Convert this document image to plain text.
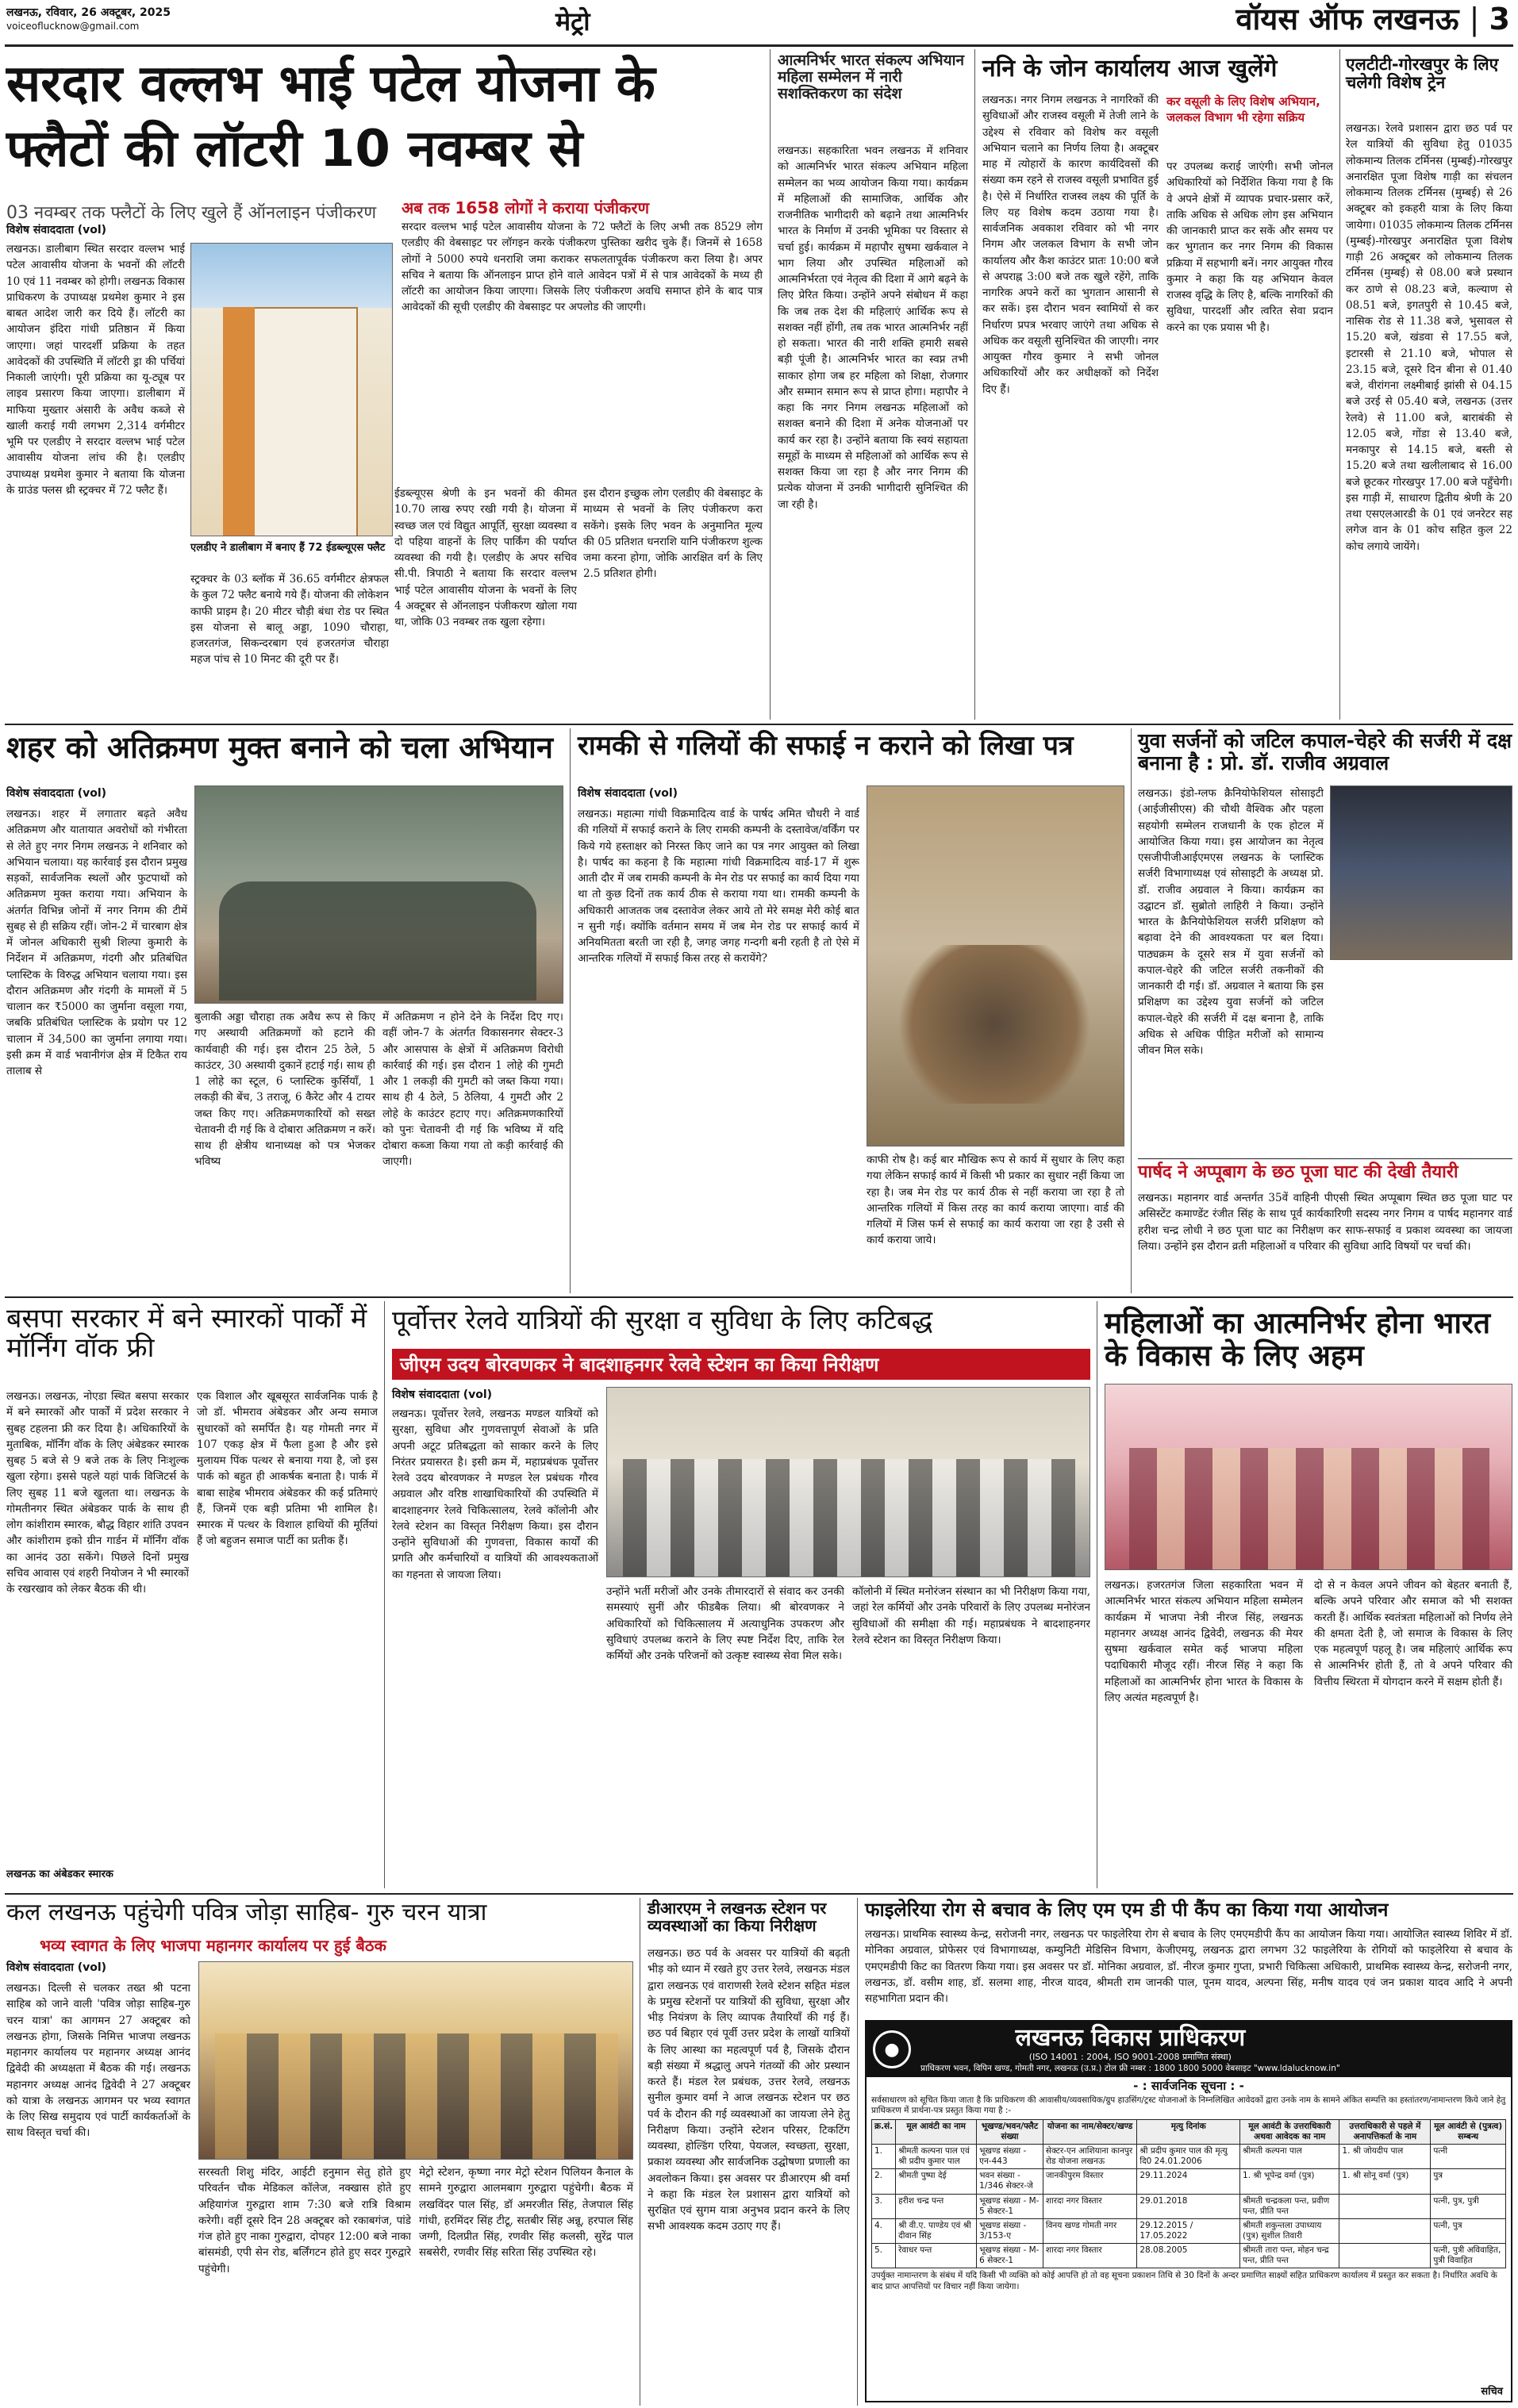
लखनऊ, रविवार, 26 अक्टूबर, 2025
voiceoflucknow@gmail.com	मेट्रो	वॉयस ऑफ लखनऊ | 3
सरदार वल्लभ भाई पटेल योजना के फ्लैटों की लॉटरी 10 नवम्बर से
03 नवम्बर तक फ्लैटों के लिए खुले हैं ऑनलाइन पंजीकरण
विशेष संवाददाता (vol)
अब तक 1658 लोगों ने कराया पंजीकरण
लखनऊ। डालीबाग स्थित सरदार वल्लभ भाई पटेल आवासीय योजना के भवनों की लॉटरी 10 एवं 11 नवम्बर को होगी। लखनऊ विकास प्राधिकरण के उपाध्यक्ष प्रथमेश कुमार ने इस बाबत आदेश जारी कर दिये हैं। लॉटरी का आयोजन इंदिरा गांधी प्रतिष्ठान में किया जाएगा। जहां पारदर्शी प्रक्रिया के तहत आवेदकों की उपस्थिति में लॉटरी ड्रा की पर्चियां निकाली जाएंगी। पूरी प्रक्रिया का यू-ट्यूब पर लाइव प्रसारण किया जाएगा। डालीबाग में माफिया मुख्तार अंसारी के अवैध कब्जे से खाली कराई गयी लगभग 2,314 वर्गमीटर भूमि पर एलडीए ने सरदार वल्लभ भाई पटेल आवासीय योजना लांच की है। एलडीए उपाध्यक्ष प्रथमेश कुमार ने बताया कि योजना के ग्राउंड फ्लस थ्री स्ट्रक्चर में 72 फ्लैट हैं।
एलडीए ने डालीबाग में बनाए हैं 72 ईडब्ल्यूएस फ्लैट
सरदार वल्लभ भाई पटेल आवासीय योजना के 72 फ्लैटों के लिए अभी तक 8529 लोग एलडीए की वेबसाइट पर लॉगइन करके पंजीकरण पुस्तिका खरीद चुके हैं। जिनमें से 1658 लोगों ने 5000 रुपये धनराशि जमा कराकर सफलतापूर्वक पंजीकरण करा लिया है। अपर सचिव ने बताया कि ऑनलाइन प्राप्त होने वाले आवेदन पत्रों में से पात्र आवेदकों के मध्य ही लॉटरी का आयोजन किया जाएगा। जिसके लिए पंजीकरण अवधि समाप्त होने के बाद पात्र आवेदकों की सूची एलडीए की वेबसाइट पर अपलोड की जाएगी।
स्ट्रक्चर के 03 ब्लॉक में 36.65 वर्गमीटर क्षेत्रफल के कुल 72 फ्लैट बनाये गये हैं। योजना की लोकेशन काफी प्राइम है। 20 मीटर चौड़ी बंधा रोड पर स्थित इस योजना से बालू अड्डा, 1090 चौराहा, हजरतगंज, सिकन्दरबाग एवं हजरतगंज चौराहा महज पांच से 10 मिनट की दूरी पर हैं।
ईडब्ल्यूएस श्रेणी के इन भवनों की कीमत 10.70 लाख रुपए रखी गयी है। योजना में स्वच्छ जल एवं विद्युत आपूर्ति, सुरक्षा व्यवस्था व दो पहिया वाहनों के लिए पार्किंग की पर्याप्त व्यवस्था की गयी है। एलडीए के अपर सचिव सी.पी. त्रिपाठी ने बताया कि सरदार वल्लभ भाई पटेल आवासीय योजना के भवनों के लिए 4 अक्टूबर से ऑनलाइन पंजीकरण खोला गया था, जोकि 03 नवम्बर तक खुला रहेगा।
इस दौरान इच्छुक लोग एलडीए की वेबसाइट के माध्यम से भवनों के लिए पंजीकरण करा सकेंगे। इसके लिए भवन के अनुमानित मूल्य की 05 प्रतिशत धनराशि यानि पंजीकरण शुल्क जमा करना होगा, जोकि आरक्षित वर्ग के लिए 2.5 प्रतिशत होगी।
आत्मनिर्भर भारत संकल्प अभियान महिला सम्मेलन में नारी सशक्तिकरण का संदेश
लखनऊ। सहकारिता भवन लखनऊ में शनिवार को आत्मनिर्भर भारत संकल्प अभियान महिला सम्मेलन का भव्य आयोजन किया गया। कार्यक्रम में महिलाओं की सामाजिक, आर्थिक और राजनीतिक भागीदारी को बढ़ाने तथा आत्मनिर्भर भारत के निर्माण में उनकी भूमिका पर विस्तार से चर्चा हुई। कार्यक्रम में महापौर सुषमा खर्कवाल ने भाग लिया और उपस्थित महिलाओं को आत्मनिर्भरता एवं नेतृत्व की दिशा में आगे बढ़ने के लिए प्रेरित किया। उन्होंने अपने संबोधन में कहा कि जब तक देश की महिलाएं आर्थिक रूप से सशक्त नहीं होंगी, तब तक भारत आत्मनिर्भर नहीं हो सकता। भारत की नारी शक्ति हमारी सबसे बड़ी पूंजी है। आत्मनिर्भर भारत का स्वप्न तभी साकार होगा जब हर महिला को शिक्षा, रोजगार और सम्मान समान रूप से प्राप्त होगा। महापौर ने कहा कि नगर निगम लखनऊ महिलाओं को सशक्त बनाने की दिशा में अनेक योजनाओं पर कार्य कर रहा है। उन्होंने बताया कि स्वयं सहायता समूहों के माध्यम से महिलाओं को आर्थिक रूप से सशक्त किया जा रहा है और नगर निगम की प्रत्येक योजना में उनकी भागीदारी सुनिश्चित की जा रही है।
ननि के जोन कार्यालय आज खुलेंगे
लखनऊ। नगर निगम लखनऊ ने नागरिकों की सुविधाओं और राजस्व वसूली में तेजी लाने के उद्देश्य से रविवार को विशेष कर वसूली अभियान चलाने का निर्णय लिया है। अक्टूबर माह में त्योहारों के कारण कार्यदिवसों की संख्या कम रहने से राजस्व वसूली प्रभावित हुई है। ऐसे में निर्धारित राजस्व लक्ष्य की पूर्ति के लिए यह विशेष कदम उठाया गया है। सार्वजनिक अवकाश रविवार को भी नगर निगम और जलकल विभाग के सभी जोन कार्यालय और कैश काउंटर प्रातः 10:00 बजे से अपराह्न 3:00 बजे तक खुले रहेंगे, ताकि नागरिक अपने करों का भुगतान आसानी से कर सकें। इस दौरान भवन स्वामियों से कर निर्धारण प्रपत्र भरवाए जाएंगे तथा अधिक से अधिक कर वसूली सुनिश्चित की जाएगी। नगर आयुक्त गौरव कुमार ने सभी जोनल अधिकारियों और कर अधीक्षकों को निर्देश दिए हैं।
कर वसूली के लिए विशेष अभियान, जलकल विभाग भी रहेगा सक्रिय
पर उपलब्ध कराई जाएंगी। सभी जोनल अधिकारियों को निर्देशित किया गया है कि वे अपने क्षेत्रों में व्यापक प्रचार-प्रसार करें, ताकि अधिक से अधिक लोग इस अभियान की जानकारी प्राप्त कर सकें और समय पर कर भुगतान कर नगर निगम की विकास प्रक्रिया में सहभागी बनें। नगर आयुक्त गौरव कुमार ने कहा कि यह अभियान केवल राजस्व वृद्धि के लिए है, बल्कि नागरिकों की सुविधा, पारदर्शी और त्वरित सेवा प्रदान करने का एक प्रयास भी है।
एलटीटी-गोरखपुर के लिए चलेगी विशेष ट्रेन
लखनऊ। रेलवे प्रशासन द्वारा छठ पर्व पर रेल यात्रियों की सुविधा हेतु 01035 लोकमान्य तिलक टर्मिनस (मुम्बई)-गोरखपुर अनारक्षित पूजा विशेष गाड़ी का संचलन लोकमान्य तिलक टर्मिनस (मुम्बई) से 26 अक्टूबर को इकहरी यात्रा के लिए किया जायेगा। 01035 लोकमान्य तिलक टर्मिनस (मुम्बई)-गोरखपुर अनारक्षित पूजा विशेष गाड़ी 26 अक्टूबर को लोकमान्य तिलक टर्मिनस (मुम्बई) से 08.00 बजे प्रस्थान कर ठाणे से 08.23 बजे, कल्याण से 08.51 बजे, इगतपुरी से 10.45 बजे, नासिक रोड से 11.38 बजे, भुसावल से 15.20 बजे, खंडवा से 17.55 बजे, इटारसी से 21.10 बजे, भोपाल से 23.15 बजे, दूसरे दिन बीना से 01.40 बजे, वीरांगना लक्ष्मीबाई झांसी से 04.15 बजे उरई से 05.40 बजे, लखनऊ (उत्तर रेलवे) से 11.00 बजे, बाराबंकी से 12.05 बजे, गोंडा से 13.40 बजे, मनकापुर से 14.15 बजे, बस्ती से 15.20 बजे तथा खलीलाबाद से 16.00 बजे छूटकर गोरखपुर 17.00 बजे पहुँचेगी। इस गाड़ी में, साधारण द्वितीय श्रेणी के 20 तथा एसएलआरडी के 01 एवं जनरेटर सह लगेज वान के 01 कोच सहित कुल 22 कोच लगाये जायेंगे।
शहर को अतिक्रमण मुक्त बनाने को चला अभियान
विशेष संवाददाता (vol)
लखनऊ। शहर में लगातार बढ़ते अवैध अतिक्रमण और यातायात अवरोधों को गंभीरता से लेते हुए नगर निगम लखनऊ ने शनिवार को अभियान चलाया। यह कार्रवाई इस दौरान प्रमुख सड़कों, सार्वजनिक स्थलों और फुटपाथों को अतिक्रमण मुक्त कराया गया। अभियान के अंतर्गत विभिन्न जोनों में नगर निगम की टीमें सुबह से ही सक्रिय रहीं। जोन-2 में चारबाग क्षेत्र में जोनल अधिकारी सुश्री शिल्पा कुमारी के निर्देशन में अतिक्रमण, गंदगी और प्रतिबंधित प्लास्टिक के विरुद्ध अभियान चलाया गया। इस दौरान अतिक्रमण और गंदगी के मामलों में 5 चालान कर ₹5000 का जुर्माना वसूला गया, जबकि प्रतिबंधित प्लास्टिक के प्रयोग पर 12 चालान में 34,500 का जुर्माना लगाया गया। इसी क्रम में वार्ड भवानीगंज क्षेत्र में टिकैत राय तालाब से
बुलाकी अड्डा चौराहा तक अवैध रूप से किए गए अस्थायी अतिक्रमणों को हटाने की कार्यवाही की गई। इस दौरान 25 ठेले, 5 काउंटर, 30 अस्थायी दुकानें हटाई गई। साथ ही 1 लोहे का स्टूल, 6 प्लास्टिक कुर्सियाँ, 1 लकड़ी की बेंच, 3 तराजू, 6 कैरेट और 4 टायर जब्त किए गए। अतिक्रमणकारियों को सख्त चेतावनी दी गई कि वे दोबारा अतिक्रमण न करें। साथ ही क्षेत्रीय थानाध्यक्ष को पत्र भेजकर भविष्य
में अतिक्रमण न होने देने के निर्देश दिए गए। वहीं जोन-7 के अंतर्गत विकासनगर सेक्टर-3 और आसपास के क्षेत्रों में अतिक्रमण विरोधी कार्रवाई की गई। इस दौरान 1 लोहे की गुमटी और 1 लकड़ी की गुमटी को जब्त किया गया। साथ ही 4 ठेले, 5 ठेलिया, 4 गुमटी और 2 लोहे के काउंटर हटाए गए। अतिक्रमणकारियों को पुनः चेतावनी दी गई कि भविष्य में यदि दोबारा कब्जा किया गया तो कड़ी कार्रवाई की जाएगी।
रामकी से गलियों की सफाई न कराने को लिखा पत्र
विशेष संवाददाता (vol)
लखनऊ। महात्मा गांधी विक्रमादित्य वार्ड के पार्षद अमित चौधरी ने वार्ड की गलियों में सफाई कराने के लिए रामकी कम्पनी के दस्तावेज/वर्किंग पर किये गये हस्ताक्षर को निरस्त किए जाने का पत्र नगर आयुक्त को लिखा है। पार्षद का कहना है कि महात्मा गांधी विक्रमादित्य वार्ड-17 में शुरू आती दौर में जब रामकी कम्पनी के मेन रोड पर सफाई का कार्य दिया गया था तो कुछ दिनों तक कार्य ठीक से कराया गया था। रामकी कम्पनी के अधिकारी आजतक जब दस्तावेज लेकर आये तो मेरे समक्ष मेरी कोई बात न सुनी गई। क्योंकि वर्तमान समय में जब मेन रोड पर सफाई कार्य में अनियमितता बरती जा रही है, जगह जगह गन्दगी बनी रहती है तो ऐसे में आन्तरिक गलियों में सफाई किस तरह से करायेंगे?
काफी रोष है। कई बार मौखिक रूप से कार्य में सुधार के लिए कहा गया लेकिन सफाई कार्य में किसी भी प्रकार का सुधार नहीं किया जा रहा है। जब मेन रोड पर कार्य ठीक से नहीं कराया जा रहा है तो आन्तरिक गलियों में किस तरह का कार्य कराया जाएगा। वार्ड की गलियों में जिस फर्म से सफाई का कार्य कराया जा रहा है उसी से कार्य कराया जाये।
युवा सर्जनों को जटिल कपाल-चेहरे की सर्जरी में दक्ष बनाना है : प्रो. डॉ. राजीव अग्रवाल
लखनऊ। इंडो-ग्लफ क्रैनियोफेशियल सोसाइटी (आईजीसीएस) की चौथी वैश्विक और पहला सहयोगी सम्मेलन राजधानी के एक होटल में आयोजित किया गया। इस आयोजन का नेतृत्व एसजीपीजीआईएमएस लखनऊ के प्लास्टिक सर्जरी विभागाध्यक्ष एवं सोसाइटी के अध्यक्ष प्रो. डॉ. राजीव अग्रवाल ने किया। कार्यक्रम का उद्घाटन डॉ. सुब्रोतो लाहिरी ने किया। उन्होंने भारत के क्रैनियोफेशियल सर्जरी प्रशिक्षण को बढ़ावा देने की आवश्यकता पर बल दिया। पाठ्यक्रम के दूसरे सत्र में युवा सर्जनों को कपाल-चेहरे की जटिल सर्जरी तकनीकों की जानकारी दी गई। डॉ. अग्रवाल ने बताया कि इस प्रशिक्षण का उद्देश्य युवा सर्जनों को जटिल कपाल-चेहरे की सर्जरी में दक्ष बनाना है, ताकि अधिक से अधिक पीड़ित मरीजों को सामान्य जीवन मिल सके।
पार्षद ने अप्पूबाग के छठ पूजा घाट की देखी तैयारी
लखनऊ। महानगर वार्ड अन्तर्गत 35वें वाहिनी पीएसी स्थित अप्पूबाग स्थित छठ पूजा घाट पर असिस्टेंट कमाण्डेंट रंजीत सिंह के साथ पूर्व कार्यकारिणी सदस्य नगर निगम व पार्षद महानगर वार्ड हरीश चन्द्र लोधी ने छठ पूजा घाट का निरीक्षण कर साफ-सफाई व प्रकाश व्यवस्था का जायजा लिया। उन्होंने इस दौरान व्रती महिलाओं व परिवार की सुविधा आदि विषयों पर चर्चा की।
बसपा सरकार में बने स्मारकों पार्कों में मॉर्निंग वॉक फ्री
लखनऊ। लखनऊ, नोएडा स्थित बसपा सरकार में बने स्मारकों और पार्कों में प्रदेश सरकार ने सुबह टहलना फ्री कर दिया है। अधिकारियों के मुताबिक, मॉर्निंग वॉक के लिए अंबेडकर स्मारक सुबह 5 बजे से 9 बजे तक के लिए निःशुल्क खुला रहेगा। इससे पहले यहां पार्क विजिटर्स के लिए सुबह 11 बजे खुलता था। लखनऊ के गोमतीनगर स्थित अंबेडकर पार्क के साथ ही लोग कांशीराम स्मारक, बौद्ध विहार शांति उपवन और कांशीराम इको ग्रीन गार्डन में मॉर्निंग वॉक का आनंद उठा सकेंगे। पिछले दिनों प्रमुख सचिव आवास एवं शहरी नियोजन ने भी स्मारकों के रखरखाव को लेकर बैठक की थी।
एक विशाल और खूबसूरत सार्वजनिक पार्क है जो डॉ. भीमराव अंबेडकर और अन्य समाज सुधारकों को समर्पित है। यह गोमती नगर में 107 एकड़ क्षेत्र में फैला हुआ है और इसे मुलायम पिंक पत्थर से बनाया गया है, जो इस पार्क को बहुत ही आकर्षक बनाता है। पार्क में बाबा साहेब भीमराव अंबेडकर की कई प्रतिमाएं हैं, जिनमें एक बड़ी प्रतिमा भी शामिल है। स्मारक में पत्थर के विशाल हाथियों की मूर्तियां हैं जो बहुजन समाज पार्टी का प्रतीक हैं।
लखनऊ का अंबेडकर स्मारक
पूर्वोत्तर रेलवे यात्रियों की सुरक्षा व सुविधा के लिए कटिबद्ध
जीएम उदय बोरवणकर ने बादशाहनगर रेलवे स्टेशन का किया निरीक्षण
विशेष संवाददाता (vol)
लखनऊ। पूर्वोत्तर रेलवे, लखनऊ मण्डल यात्रियों को सुरक्षा, सुविधा और गुणवत्तापूर्ण सेवाओं के प्रति अपनी अटूट प्रतिबद्धता को साकार करने के लिए निरंतर प्रयासरत है। इसी क्रम में, महाप्रबंधक पूर्वोत्तर रेलवे उदय बोरवणकर ने मण्डल रेल प्रबंधक गौरव अग्रवाल और वरिष्ठ शाखाधिकारियों की उपस्थिति में बादशाहनगर रेलवे चिकित्सालय, रेलवे कॉलोनी और रेलवे स्टेशन का विस्तृत निरीक्षण किया। इस दौरान उन्होंने सुविधाओं की गुणवत्ता, विकास कार्यों की प्रगति और कर्मचारियों व यात्रियों की आवश्यकताओं का गहनता से जायजा लिया।
उन्होंने भर्ती मरीजों और उनके तीमारदारों से संवाद कर उनकी समस्याएं सुनीं और फीडबैक लिया। श्री बोरवणकर ने अधिकारियों को चिकित्सालय में अत्याधुनिक उपकरण और सुविधाएं उपलब्ध कराने के लिए स्पष्ट निर्देश दिए, ताकि रेल कर्मियों और उनके परिजनों को उत्कृष्ट स्वास्थ्य सेवा मिल सके।
कॉलोनी में स्थित मनोरंजन संस्थान का भी निरीक्षण किया गया, जहां रेल कर्मियों और उनके परिवारों के लिए उपलब्ध मनोरंजन सुविधाओं की समीक्षा की गई। महाप्रबंधक ने बादशाहनगर रेलवे स्टेशन का विस्तृत निरीक्षण किया।
महिलाओं का आत्मनिर्भर होना भारत के विकास के लिए अहम
लखनऊ। हजरतगंज जिला सहकारिता भवन में आत्मनिर्भर भारत संकल्प अभियान महिला सम्मेलन कार्यक्रम में भाजपा नेत्री नीरज सिंह, लखनऊ महानगर अध्यक्ष आनंद द्विवेदी, लखनऊ की मेयर सुषमा खर्कवाल समेत कई भाजपा महिला पदाधिकारी मौजूद रहीं। नीरज सिंह ने कहा कि महिलाओं का आत्मनिर्भर होना भारत के विकास के लिए अत्यंत महत्वपूर्ण है।
दो से न केवल अपने जीवन को बेहतर बनाती हैं, बल्कि अपने परिवार और समाज को भी सशक्त करती हैं। आर्थिक स्वतंत्रता महिलाओं को निर्णय लेने की क्षमता देती है, जो समाज के विकास के लिए एक महत्वपूर्ण पहलू है। जब महिलाएं आर्थिक रूप से आत्मनिर्भर होती हैं, तो वे अपने परिवार की वित्तीय स्थिरता में योगदान करने में सक्षम होती हैं।
कल लखनऊ पहुंचेगी पवित्र जोड़ा साहिब- गुरु चरन यात्रा
भव्य स्वागत के लिए भाजपा महानगर कार्यालय पर हुई बैठक
विशेष संवाददाता (vol)
लखनऊ। दिल्ली से चलकर तख्त श्री पटना साहिब को जाने वाली 'पवित्र जोड़ा साहिब-गुरु चरन यात्रा' का आगमन 27 अक्टूबर को लखनऊ होगा, जिसके निमित्त भाजपा लखनऊ महानगर कार्यालय पर महानगर अध्यक्ष आनंद द्विवेदी की अध्यक्षता में बैठक की गई। लखनऊ महानगर अध्यक्ष आनंद द्विवेदी ने 27 अक्टूबर को यात्रा के लखनऊ आगमन पर भव्य स्वागत के लिए सिख समुदाय एवं पार्टी कार्यकर्ताओं के साथ विस्तृत चर्चा की।
सरस्वती शिशु मंदिर, आईटी हनुमान सेतु होते हुए परिवर्तन चौक मेडिकल कॉलेज, नक्खास होते हुए अहियागंज गुरुद्वारा शाम 7:30 बजे रात्रि विश्राम करेगी। वहीं दूसरे दिन 28 अक्टूबर को रकाबगंज, पांडे गंज होते हुए नाका गुरुद्वारा, दोपहर 12:00 बजे नाका बांसमंडी, एपी सेन रोड, बर्लिंगटन होते हुए सदर गुरुद्वारे पहुंचेगी।
मेट्रो स्टेशन, कृष्णा नगर मेट्रो स्टेशन पिलियन कैनाल के सामने गुरुद्वारा आलमबाग गुरुद्वारा पहुंचेगी। बैठक में लखविंदर पाल सिंह, डॉ अमरजीत सिंह, तेजपाल सिंह गांधी, हरमिंदर सिंह टीटू, सतबीर सिंह अन्नू, हरपाल सिंह जग्गी, दिलप्रीत सिंह, रणवीर सिंह कलसी, सुरेंद्र पाल सबसेरी, रणवीर सिंह सरिता सिंह उपस्थित रहे।
डीआरएम ने लखनऊ स्टेशन पर व्यवस्थाओं का किया निरीक्षण
लखनऊ। छठ पर्व के अवसर पर यात्रियों की बढ़ती भीड़ को ध्यान में रखते हुए उत्तर रेलवे, लखनऊ मंडल द्वारा लखनऊ एवं वाराणसी रेलवे स्टेशन सहित मंडल के प्रमुख स्टेशनों पर यात्रियों की सुविधा, सुरक्षा और भीड़ नियंत्रण के लिए व्यापक तैयारियाँ की गई हैं। छठ पर्व बिहार एवं पूर्वी उत्तर प्रदेश के लाखों यात्रियों के लिए आस्था का महत्वपूर्ण पर्व है, जिसके दौरान बड़ी संख्या में श्रद्धालु अपने गंतव्यों की ओर प्रस्थान करते हैं। मंडल रेल प्रबंधक, उत्तर रेलवे, लखनऊ सुनील कुमार वर्मा ने आज लखनऊ स्टेशन पर छठ पर्व के दौरान की गई व्यवस्थाओं का जायजा लेने हेतु निरीक्षण किया। उन्होंने स्टेशन परिसर, टिकटिंग व्यवस्था, होल्डिंग एरिया, पेयजल, स्वच्छता, सुरक्षा, प्रकाश व्यवस्था और सार्वजनिक उद्घोषणा प्रणाली का अवलोकन किया। इस अवसर पर डीआरएम श्री वर्मा ने कहा कि मंडल रेल प्रशासन द्वारा यात्रियों को सुरक्षित एवं सुगम यात्रा अनुभव प्रदान करने के लिए सभी आवश्यक कदम उठाए गए हैं।
फाइलेरिया रोग से बचाव के लिए एम एम डी पी कैंप का किया गया आयोजन
लखनऊ। प्राथमिक स्वास्थ्य केन्द्र, सरोजनी नगर, लखनऊ पर फाइलेरिया रोग से बचाव के लिए एमएमडीपी कैंप का आयोजन किया गया। आयोजित स्वास्थ्य शिविर में डॉ. मोनिका अग्रवाल, प्रोफेसर एवं विभागाध्यक्ष, कम्युनिटी मेडिसिन विभाग, केजीएमयू, लखनऊ द्वारा लगभग 32 फाइलेरिया के रोगियों को फाइलेरिया से बचाव के एमएमडीपी किट का वितरण किया गया। इस अवसर पर डॉ. मोनिका अग्रवाल, डॉ. नीरज कुमार गुप्ता, प्रभारी चिकित्सा अधिकारी, प्राथमिक स्वास्थ्य केन्द्र, सरोजनी नगर, लखनऊ, डॉ. वसीम शाह, डॉ. सलमा शाह, नीरज यादव, श्रीमती राम जानकी पाल, पूनम यादव, अल्पना सिंह, मनीष यादव एवं जन प्रकाश यादव आदि ने अपनी सहभागिता प्रदान की।
●	लखनऊ विकास प्राधिकरण
(ISO 14001 : 2004, ISO 9001-2008 प्रमाणित संस्था)
प्राधिकरण भवन, विपिन खण्ड, गोमती नगर, लखनऊ (उ.प्र.) टोल फ्री नम्बर : 1800 1800 5000 वेबसाइट "www.ldalucknow.in"
- : सार्वजनिक सूचना : -
सर्वसाधारण को सूचित किया जाता है कि प्राधिकरण की आवासीय/व्यवसायिक/ग्रुप हाउसिंग/ट्रस्ट योजनाओं के निम्नलिखित आवेदकों द्वारा उनके नाम के सामने अंकित सम्पत्ति का हस्तांतरण/नामान्तरण किये जाने हेतु प्राधिकरण में प्रार्थना-पत्र प्रस्तुत किया गया है :-
क्र.सं.	मूल आवंटी का नाम	भूखण्ड/भवन/फ्लैट संख्या	योजना का नाम/सेक्टर/खण्ड	मृत्यु दिनांक	मूल आवंटी के उत्तराधिकारी अथवा आवेदक का नाम	उत्तराधिकारी से पहले में अनापत्तिकर्ता के नाम	मूल आवंटी से (पुत्रत्व) सम्बन्ध
1.	श्रीमती कल्पना पाल एवं श्री प्रदीप कुमार पाल	भूखण्ड संख्या - एन-443	सेक्टर-एन आशियाना कानपुर रोड योजना लखनऊ	श्री प्रदीप कुमार पाल की मृत्यु दि0 24.01.2006	श्रीमती कल्पना पाल	1. श्री जोयदीप पाल	पत्नी
2.	श्रीमती पुष्पा देई	भवन संख्या - 1/346 सेक्टर-जे	जानकीपुरम विस्तार	29.11.2024	1. श्री भूपेन्द्र वर्मा (पुत्र)	1. श्री सोनू वर्मा (पुत्र)	पुत्र
3.	हरीश चन्द्र पन्त	भूखण्ड संख्या - M-5 सेक्टर-1	शारदा नगर विस्तार	29.01.2018	श्रीमती चन्द्रकला पन्त, प्रवीण पन्त, प्रीति पन्त		पत्नी, पुत्र, पुत्री
4.	श्री वी.ए. पाण्डेय एवं श्री दीवान सिंह	भूखण्ड संख्या - 3/153-ए	विनय खण्ड गोमती नगर	29.12.2015 / 17.05.2022	श्रीमती शकुन्तला उपाध्याय (पुत्र) सुशील तिवारी		पत्नी, पुत्र
5.	रेवाधर पन्त	भूखण्ड संख्या - M-6 सेक्टर-1	शारदा नगर विस्तार	28.08.2005	श्रीमती तारा पन्त, मोहन चन्द्र पन्त, प्रीति पन्त		पत्नी, पुत्री अविवाहित, पुत्री विवाहित
उपर्युक्त नामान्तरण के संबंध में यदि किसी भी व्यक्ति को कोई आपत्ति हो तो वह सूचना प्रकाशन तिथि से 30 दिनों के अन्दर प्रमाणित साक्ष्यों सहित प्राधिकरण कार्यालय में प्रस्तुत कर सकता है। निर्धारित अवधि के बाद प्राप्त आपत्तियों पर विचार नहीं किया जायेगा।
सचिव
